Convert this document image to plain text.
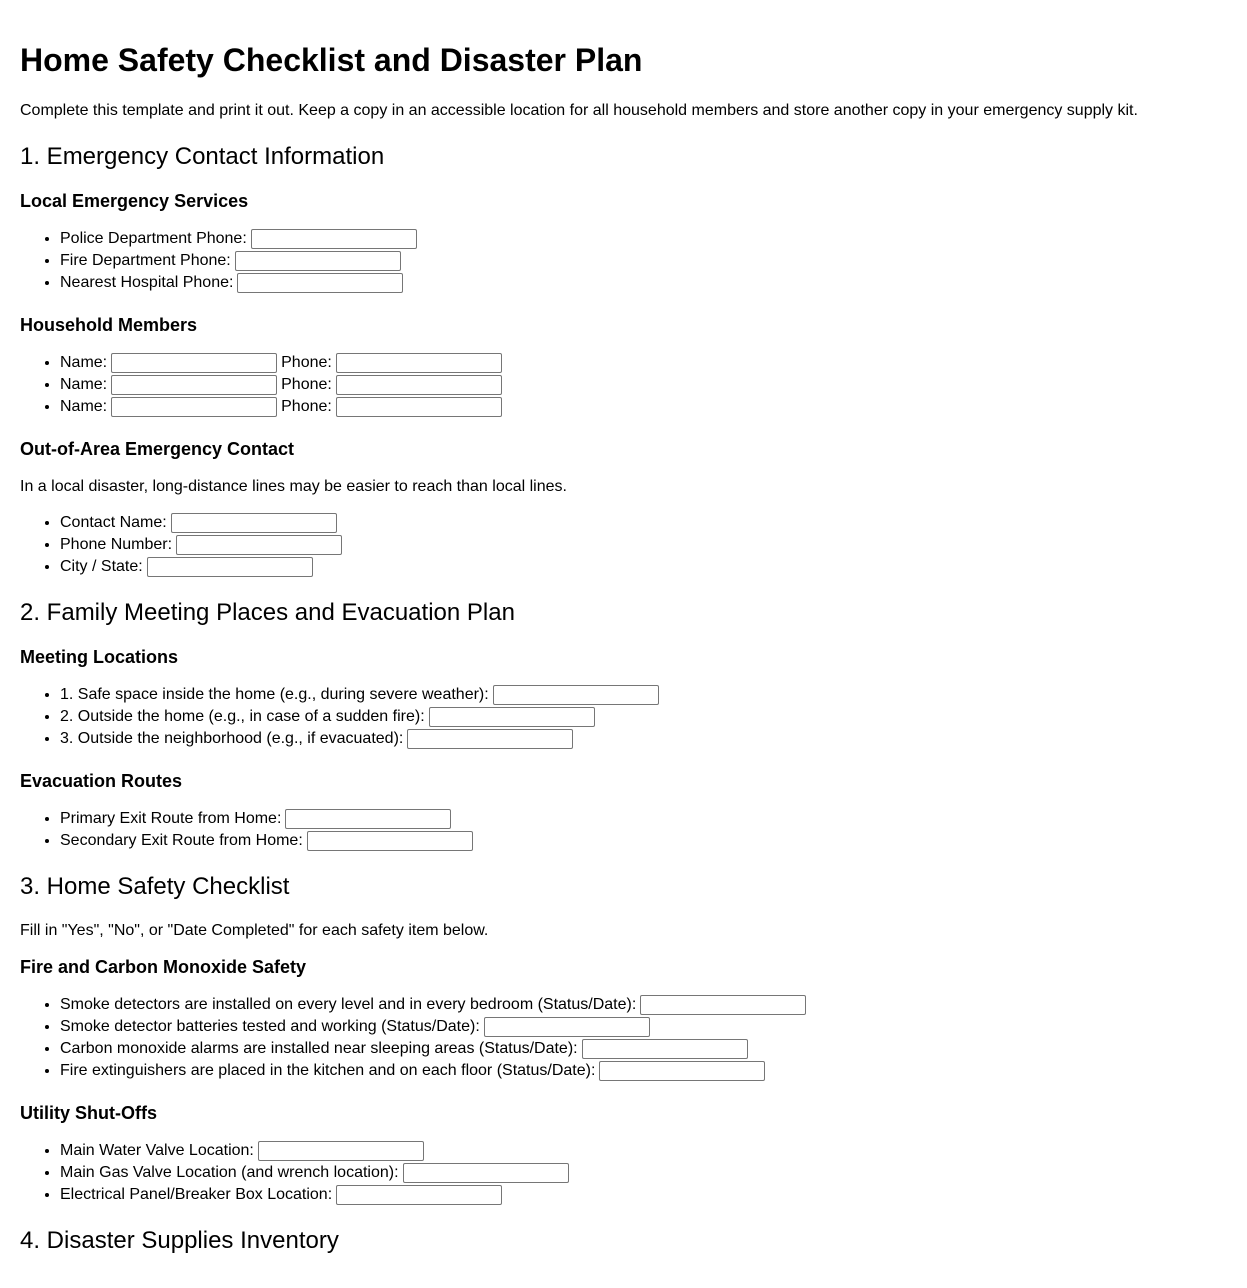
Home Safety Checklist and Disaster Plan
Complete this template and print it out. Keep a copy in an accessible location for all household members and store another copy in your emergency supply kit.
1. Emergency Contact Information
Local Emergency Services
• Police Department Phone:
• Fire Department Phone:
• Nearest Hospital Phone:
Household Members
• Name:	Phone:
• Name:	Phone:
• Name:	Phone:
Out-of-Area Emergency Contact

In a local disaster, long-distance lines may be easier to reach than local lines.

• Contact Name:
• Phone Number:
• City / State:
2. Family Meeting Places and Evacuation Plan
Meeting Locations
• 1. Safe space inside the home (e.g., during severe weather):
• 2. Outside the home (e.g., in case of a sudden fire):
• 3. Outside the neighborhood (e.g., if evacuated):
Evacuation Routes
• Primary Exit Route from Home:
• Secondary Exit Route from Home:
3. Home Safety Checklist

Fill in "Yes", "No", or "Date Completed" for each safety item below.

Fire and Carbon Monoxide Safety
• Smoke detectors are installed on every level and in every bedroom (Status/Date):
• Smoke detector batteries tested and working (Status/Date):
• Carbon monoxide alarms are installed near sleeping areas (Status/Date):
• Fire extinguishers are placed in the kitchen and on each floor (Status/Date):
Utility Shut-Offs
• Main Water Valve Location:
• Main Gas Valve Location (and wrench location):
• Electrical Panel/Breaker Box Location:
4. Disaster Supplies Inventory
